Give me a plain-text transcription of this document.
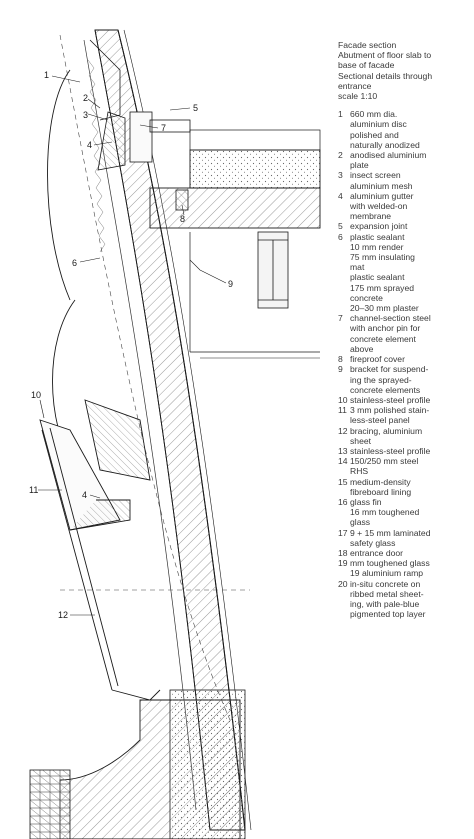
1
2
3
4
5
6
7
8
9
10
11	4
12
Facade section
Abutment of floor slab to
base of facade
Sectional details through
entrance
scale 1:10
1 660 mm dia.
aluminium disc
polished and
naturally anodized
2 anodised aluminium
plate
3 insect screen
aluminium mesh
4 aluminium gutter
with welded-on
membrane
5 expansion joint
6 plastic sealant
10 mm render
75 mm insulating
mat
plastic sealant
175 mm sprayed
concrete
20–30 mm plaster
7 channel-section steel
with anchor pin for
concrete element
above
8 fireproof cover
9 bracket for suspend-
ing the sprayed-
concrete elements
10 stainless-steel profile
11 3 mm polished stain-
less-steel panel
12 bracing, aluminium
sheet
13 stainless-steel profile
14 150/250 mm steel
RHS
15 medium-density
fibreboard lining
16 glass fin
16 mm toughened
glass
17 9 + 15 mm laminated
safety glass
18 entrance door
19 mm toughened glass
19 aluminium ramp
20 in-situ concrete on
ribbed metal sheet-
ing, with pale-blue
pigmented top layer
